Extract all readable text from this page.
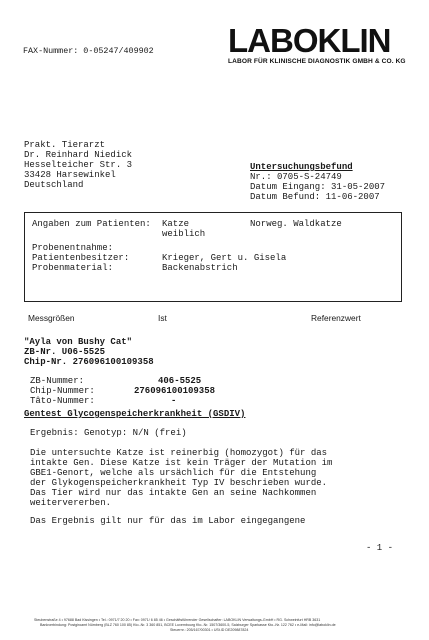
FAX-Nummer: 0-05247/409902 LABOKLIN
LABOR FÜR KLINISCHE DIAGNOSTIK GMBH & CO. KG
Prakt. Tierarzt
Dr. Reinhard Niedick
Hesselteicher Str. 3
33428 Harsewinkel
Deutschland
Untersuchungsbefund
Nr.: 0705-S-24749
Datum Eingang: 31-05-2007
Datum Befund: 11-06-2007
Angaben zum Patienten: Katze	Norweg. Waldkatze
weiblich
Probenentnahme:
Patientenbesitzer:	Krieger, Gert u. Gisela
Probenmaterial:	Backenabstrich
Messgrößen	Ist	Referenzwert
"Ayla von Bushy Cat"
ZB-Nr. U06-5525
Chip-Nr. 276096100109358
ZB-Nummer:	406-5525
Chip-Nummer:	276096100109358
Tâto-Nummer:	-
Gentest Glycogenspeicherkrankheit (GSDIV)
Ergebnis: Genotyp: N/N (frei)
Die untersuchte Katze ist reinerbig (homozygot) für das
intakte Gen. Diese Katze ist kein Träger der Mutation im
GBE1-Genort, welche als ursächlich für die Entstehung
der Glykogenspeicherkrankheit Typ IV beschrieben wurde.
Das Tier wird nur das intakte Gen an seine Nachkommen
weitervererben.
Das Ergebnis gilt nur für das im Labor eingegangene
- 1 -
Steubenstraße 4 • 97688 Bad Kissingen • Tel.: 0971/7 20 20 • Fax: 0971/ 6 85 46 • Geschäftsführender Gesellschafter: LABOKLIN Verwaltungs-GmbH • RG. Schweinfurt HRB 3631
Bankverbindung: Postgiroamt Nürnberg (BLZ 760 100 85) Kto.-Nr. 3 360 851, BCEE Luxembourg Kto.-Nr. 1507/3600-5, Salzburger Sparkasse Kto.-Nr. 122 762 • e-Mail: info@laboklin.de
Steuernr.: 205/167/00301 • USt.ID DE209887824
